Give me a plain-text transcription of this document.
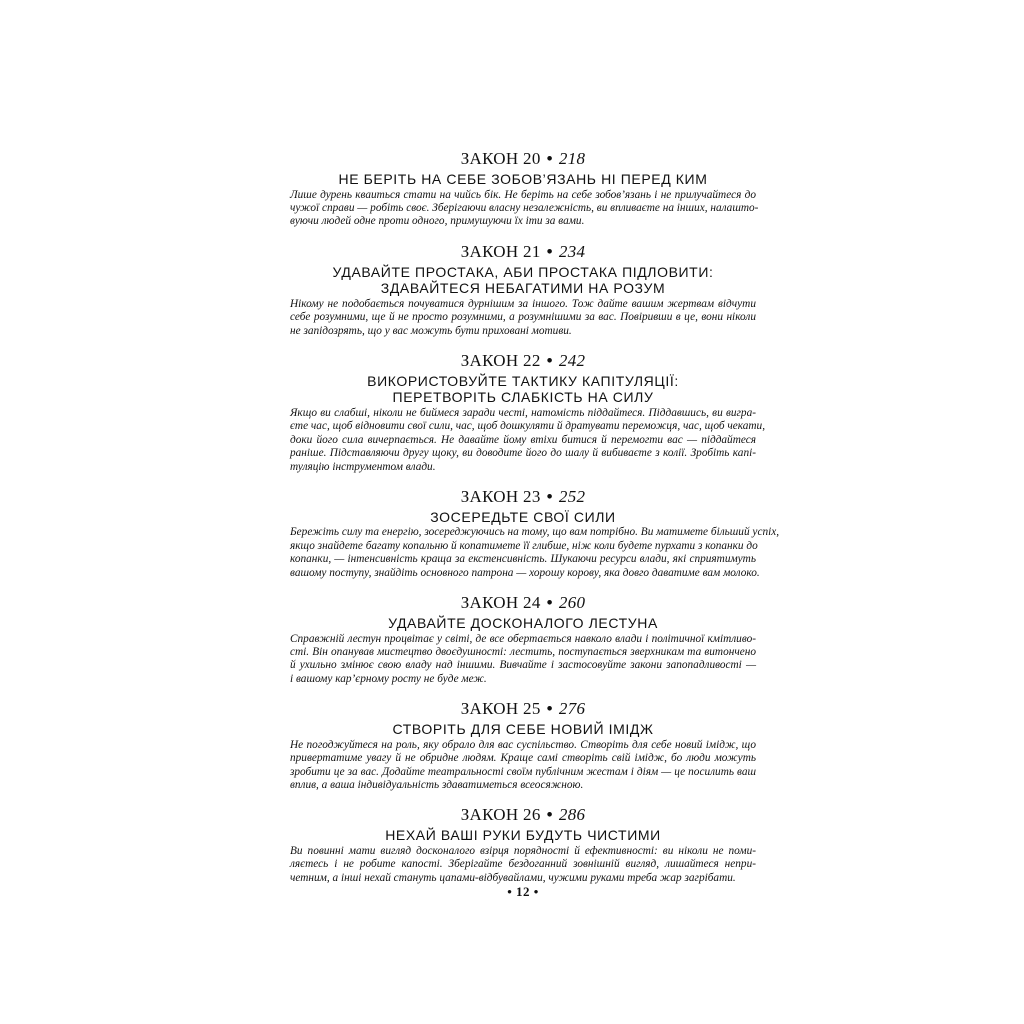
ЗАКОН 20 • 218
НЕ БЕРІТЬ НА СЕБЕ ЗОБОВ’ЯЗАНЬ НІ ПЕРЕД КИМ
Лише дурень кваиться стати на чийсь бік. Не беріть на себе зобов’язань і не прилучайтеся до
чужої справи — робіть своє. Зберігаючи власну незалежність, ви впливаєте на інших, налашто-
вуючи людей одне проти одного, примушуючи їх іти за вами.
ЗАКОН 21 • 234
УДАВАЙТЕ ПРОСТАКА, АБИ ПРОСТАКА ПІДЛОВИТИ:
ЗДАВАЙТЕСЯ НЕБАГАТИМИ НА РОЗУМ
Нікому не подобається почуватися дурнішим за іншого. Тож дайте вашим жертвам відчути
себе розумними, ще й не просто розумними, а розумнішими за вас. Повіривши в це, вони ніколи
не запідозрять, що у вас можуть бути приховані мотиви.
ЗАКОН 22 • 242
ВИКОРИСТОВУЙТЕ ТАКТИКУ КАПІТУЛЯЦІЇ:
ПЕРЕТВОРІТЬ СЛАБКІСТЬ НА СИЛУ
Якщо ви слабші, ніколи не биймеся заради честі, натомість піддайтеся. Піддавшись, ви вигра-
єте час, щоб відновити свої сили, час, щоб дошкуляти й дратувати переможця, час, щоб чекати,
доки його сила вичерпається. Не давайте йому втіхи битися й перемогти вас — піддайтеся
раніше. Підставляючи другу щоку, ви доводите його до шалу й вибиваєте з колії. Зробіть капі-
туляцію інструментом влади.
ЗАКОН 23 • 252
ЗОСЕРЕДЬТЕ СВОЇ СИЛИ
Бережіть силу та енергію, зосереджуючись на тому, що вам потрібно. Ви матимете більший успіх,
якщо знайдете багату копальню й копатимете її глибше, ніж коли будете пурхати з копанки до
копанки, — інтенсивність краща за екстенсивність. Шукаючи ресурси влади, які сприятимуть
вашому поступу, знайдіть основного патрона — хорошу корову, яка довго даватиме вам молоко.
ЗАКОН 24 • 260
УДАВАЙТЕ ДОСКОНАЛОГО ЛЕСТУНА
Справжній лестун процвітає у світі, де все обертається навколо влади і політичної кмітливо-
сті. Він опанував мистецтво двоєдушності: лестить, поступається зверхникам та витончено
й ухильно змінює свою владу над іншими. Вивчайте і застосовуйте закони запопадливості —
і вашому кар’єрному росту не буде меж.
ЗАКОН 25 • 276
СТВОРІТЬ ДЛЯ СЕБЕ НОВИЙ ІМІДЖ
Не погоджуйтеся на роль, яку обрало для вас суспільство. Створіть для себе новий імідж, що
привертатиме увагу й не обридне людям. Краще самі створіть свій імідж, бо люди можуть
зробити це за вас. Додайте театральності своїм публічним жестам і діям — це посилить ваш
вплив, а ваша індивідуальність здаватиметься всеосяжною.
ЗАКОН 26 • 286
НЕХАЙ ВАШІ РУКИ БУДУТЬ ЧИСТИМИ
Ви повинні мати вигляд досконалого взірця порядності й ефективності: ви ніколи не поми-
ляєтесь і не робите капості. Зберігайте бездоганний зовнішній вигляд, лишайтеся непри-
четним, а інші нехай стануть цапами-відбувайлами, чужими руками треба жар загрібати.
• 12 •
